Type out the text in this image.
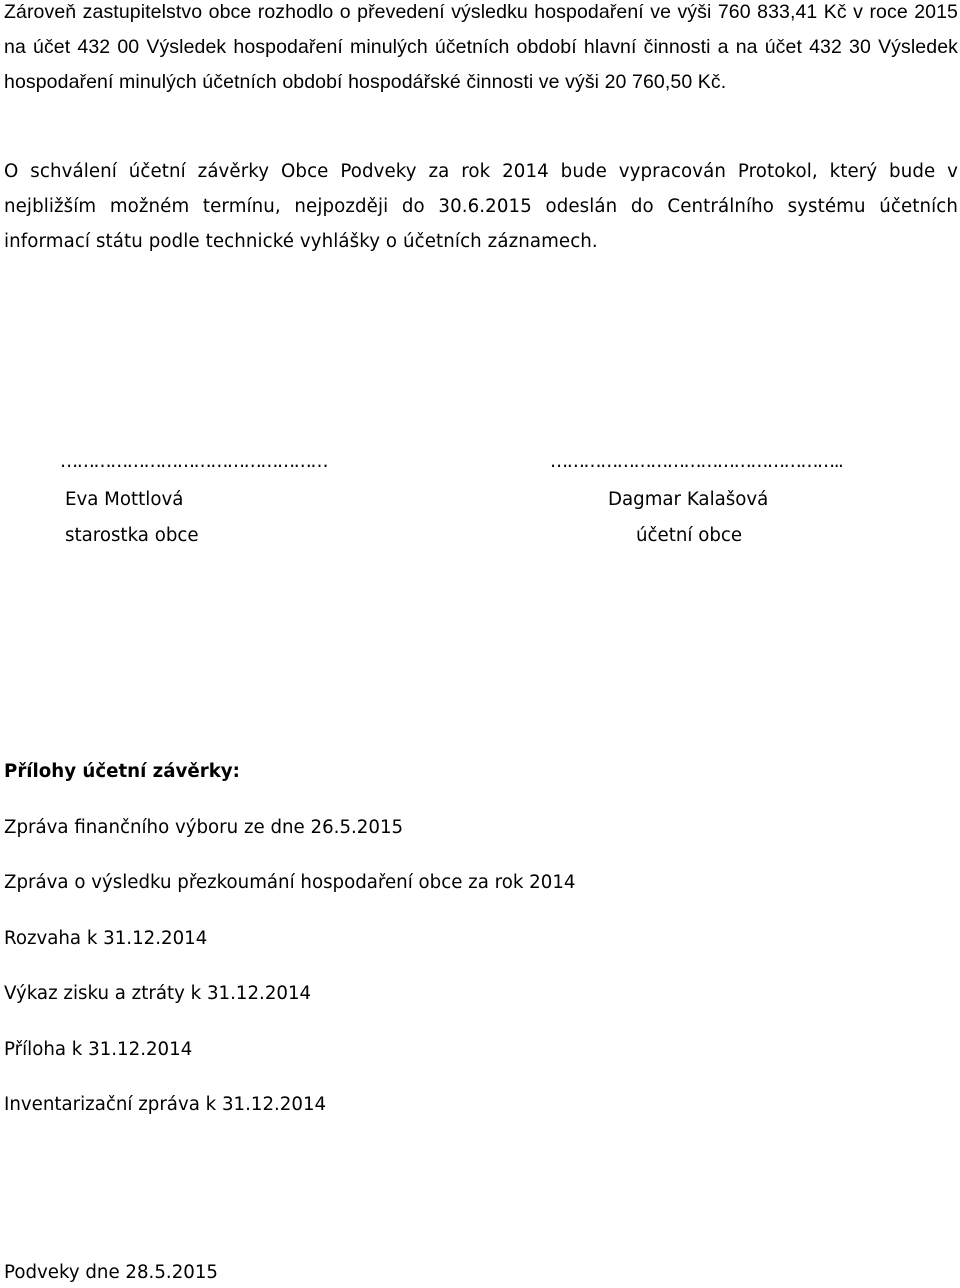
Zároveň zastupitelstvo obce rozhodlo o převedení výsledku hospodaření ve výši 760 833,41 Kč v roce 2015 na účet 432 00 Výsledek hospodaření minulých účetních období hlavní činnosti a na účet 432 30 Výsledek hospodaření minulých účetních období hospodářské činnosti ve výši 20 760,50 Kč.

O schválení účetní závěrky Obce Podveky za rok 2014 bude vypracován Protokol, který bude v nejbližším možném termínu, nejpozději do 30.6.2015 odeslán do Centrálního systému účetních informací státu podle technické vyhlášky o účetních záznamech.

…………………………………………
Eva Mottlová
starostka obce
……………………………………………..
Dagmar Kalašová
účetní obce
Přílohy účetní závěrky:
Zpráva finančního výboru ze dne 26.5.2015
Zpráva o výsledku přezkoumání hospodaření obce za rok 2014
Rozvaha k 31.12.2014
Výkaz zisku a ztráty k 31.12.2014
Příloha k 31.12.2014
Inventarizační zpráva k 31.12.2014
Podveky dne 28.5.2015
